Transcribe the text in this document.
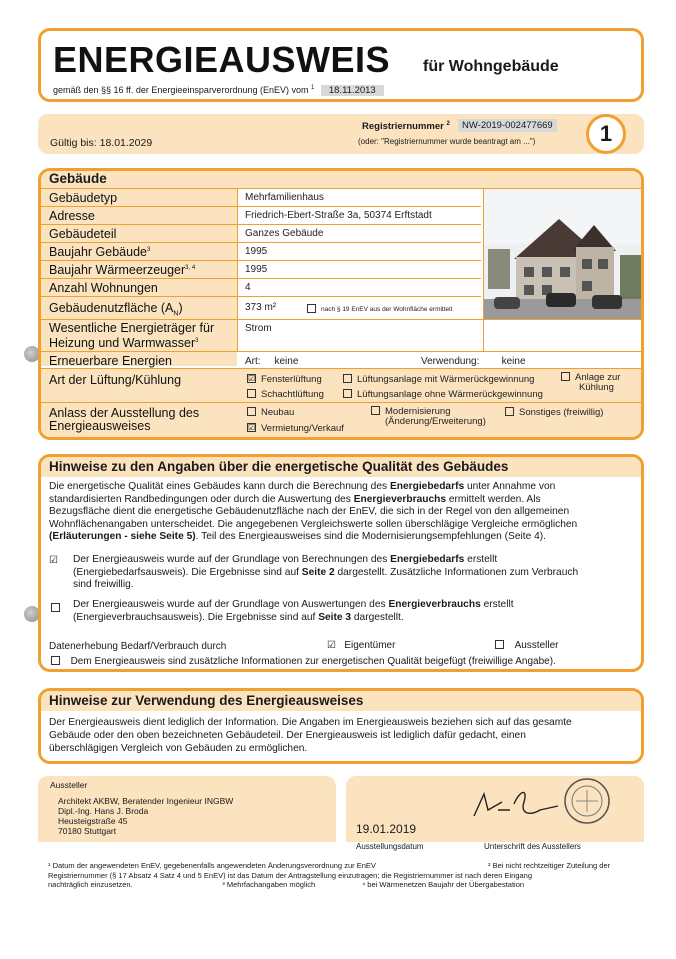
ENERGIEAUSWEIS für Wohngebäude
gemäß den §§ 16 ff. der Energieeinsparverordnung (EnEV) vom $^1$ 18.11.2013
Gültig bis: 18.01.2029
Registriernummer $^2$	NW-2019-002477669
(oder: "Registriernummer wurde beantragt am ...")	1
Gebäude
Gebäudetyp	Mehrfamilienhaus
Adresse	Friedrich-Ebert-Straße 3a, 50374 Erftstadt
Gebäudeteil	Ganzes Gebäude
Baujahr Gebäude$^3$	1995
Baujahr Wärmeerzeuger$^{3, 4}$	1995
Anzahl Wohnungen	4
Gebäudenutzfläche $(A_N)$	373 m²	nach § 19 EnEV aus der Wohnfläche ermittelt
Wesentliche Energieträger für
Heizung und Warmwasser$^3$
Strom
Erneuerbare Energien	Art: keine	Verwendung: keine
Art der Lüftung/Kühlung	☑ Fensterlüftung	Lüftungsanlage mit Wärmerückgewinnung	Anlage zur
Kühlung
Schachtlüftung	Lüftungsanlage ohne Wärmerückgewinnung
Anlass der Ausstellung des
Energieausweises
Neubau	Modernisierung
(Änderung/Erweiterung)
Sonstiges (freiwillig)
☑ Vermietung/Verkauf
Hinweise zu den Angaben über die energetische Qualität des Gebäudes
Die energetische Qualität eines Gebäudes kann durch die Berechnung des Energiebedarfs unter Annahme von
standardisierten Randbedingungen oder durch die Auswertung des Energieverbrauchs ermittelt werden. Als
Bezugsfläche dient die energetische Gebäudenutzfläche nach der EnEV, die sich in der Regel von den allgemeinen
Wohnflächenangaben unterscheidet. Die angegebenen Vergleichswerte sollen überschlägige Vergleiche ermöglichen
(Erläuterungen - siehe Seite 5). Teil des Energieausweises sind die Modernisierungsempfehlungen (Seite 4).
☑ Der Energieausweis wurde auf der Grundlage von Berechnungen des Energiebedarfs erstellt
(Energiebedarfsausweis). Die Ergebnisse sind auf Seite 2 dargestellt. Zusätzliche Informationen zum Verbrauch
sind freiwillig.
Der Energieausweis wurde auf der Grundlage von Auswertungen des Energieverbrauchs erstellt
(Energieverbrauchsausweis). Die Ergebnisse sind auf Seite 3 dargestellt.
Datenerhebung Bedarf/Verbrauch durch	☑ Eigentümer	Aussteller
Dem Energieausweis sind zusätzliche Informationen zur energetischen Qualität beigefügt (freiwillige Angabe).
Hinweise zur Verwendung des Energieausweises
Der Energieausweis dient lediglich der Information. Die Angaben im Energieausweis beziehen sich auf das gesamte
Gebäude oder den oben bezeichneten Gebäudeteil. Der Energieausweis ist lediglich dafür gedacht, einen
überschlägigen Vergleich von Gebäuden zu ermöglichen.
Aussteller
Architekt AKBW, Beratender Ingenieur INGBW
Dipl.-Ing. Hans J. Broda
Heusteigstraße 45
70180 Stuttgart	19.01.2019
Ausstellungsdatum	Unterschrift des Ausstellers
¹ Datum der angewendeten EnEV, gegebenenfalls angewendeten Änderungsverordnung zur EnEV
Registriernummer (§ 17 Absatz 4 Satz 4 und 5 EnEV) ist das Datum der Antragstellung einzutragen; die Registriernummer ist nach deren Eingang
nachträglich einzusetzen.	³ Mehrfachangaben möglich
² Bei nicht rechtzeitiger Zuteilung der
⁴ bei Wärmenetzen Baujahr der Übergabestation
